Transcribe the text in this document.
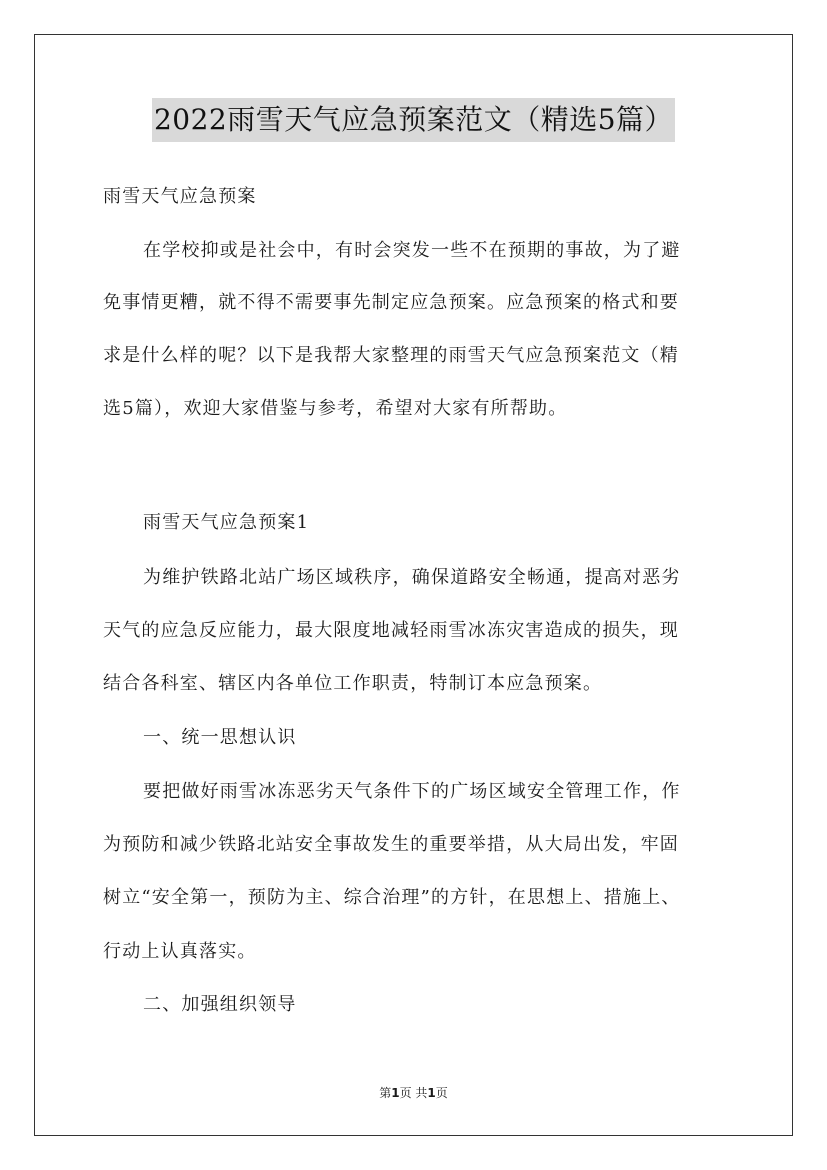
2022雨雪天气应急预案范文（精选5篇）
雨雪天气应急预案
在学校抑或是社会中，有时会突发一些不在预期的事故，为了避
免事情更糟，就不得不需要事先制定应急预案。应急预案的格式和要
求是什么样的呢？以下是我帮大家整理的雨雪天气应急预案范文（精
选5篇），欢迎大家借鉴与参考，希望对大家有所帮助。
雨雪天气应急预案1
为维护铁路北站广场区域秩序，确保道路安全畅通，提高对恶劣
天气的应急反应能力，最大限度地减轻雨雪冰冻灾害造成的损失，现
结合各科室、辖区内各单位工作职责，特制订本应急预案。
一、统一思想认识
要把做好雨雪冰冻恶劣天气条件下的广场区域安全管理工作，作
为预防和减少铁路北站安全事故发生的重要举措，从大局出发，牢固
树立“安全第一，预防为主、综合治理”的方针，在思想上、措施上、
行动上认真落实。
二、加强组织领导
第1页 共1页
